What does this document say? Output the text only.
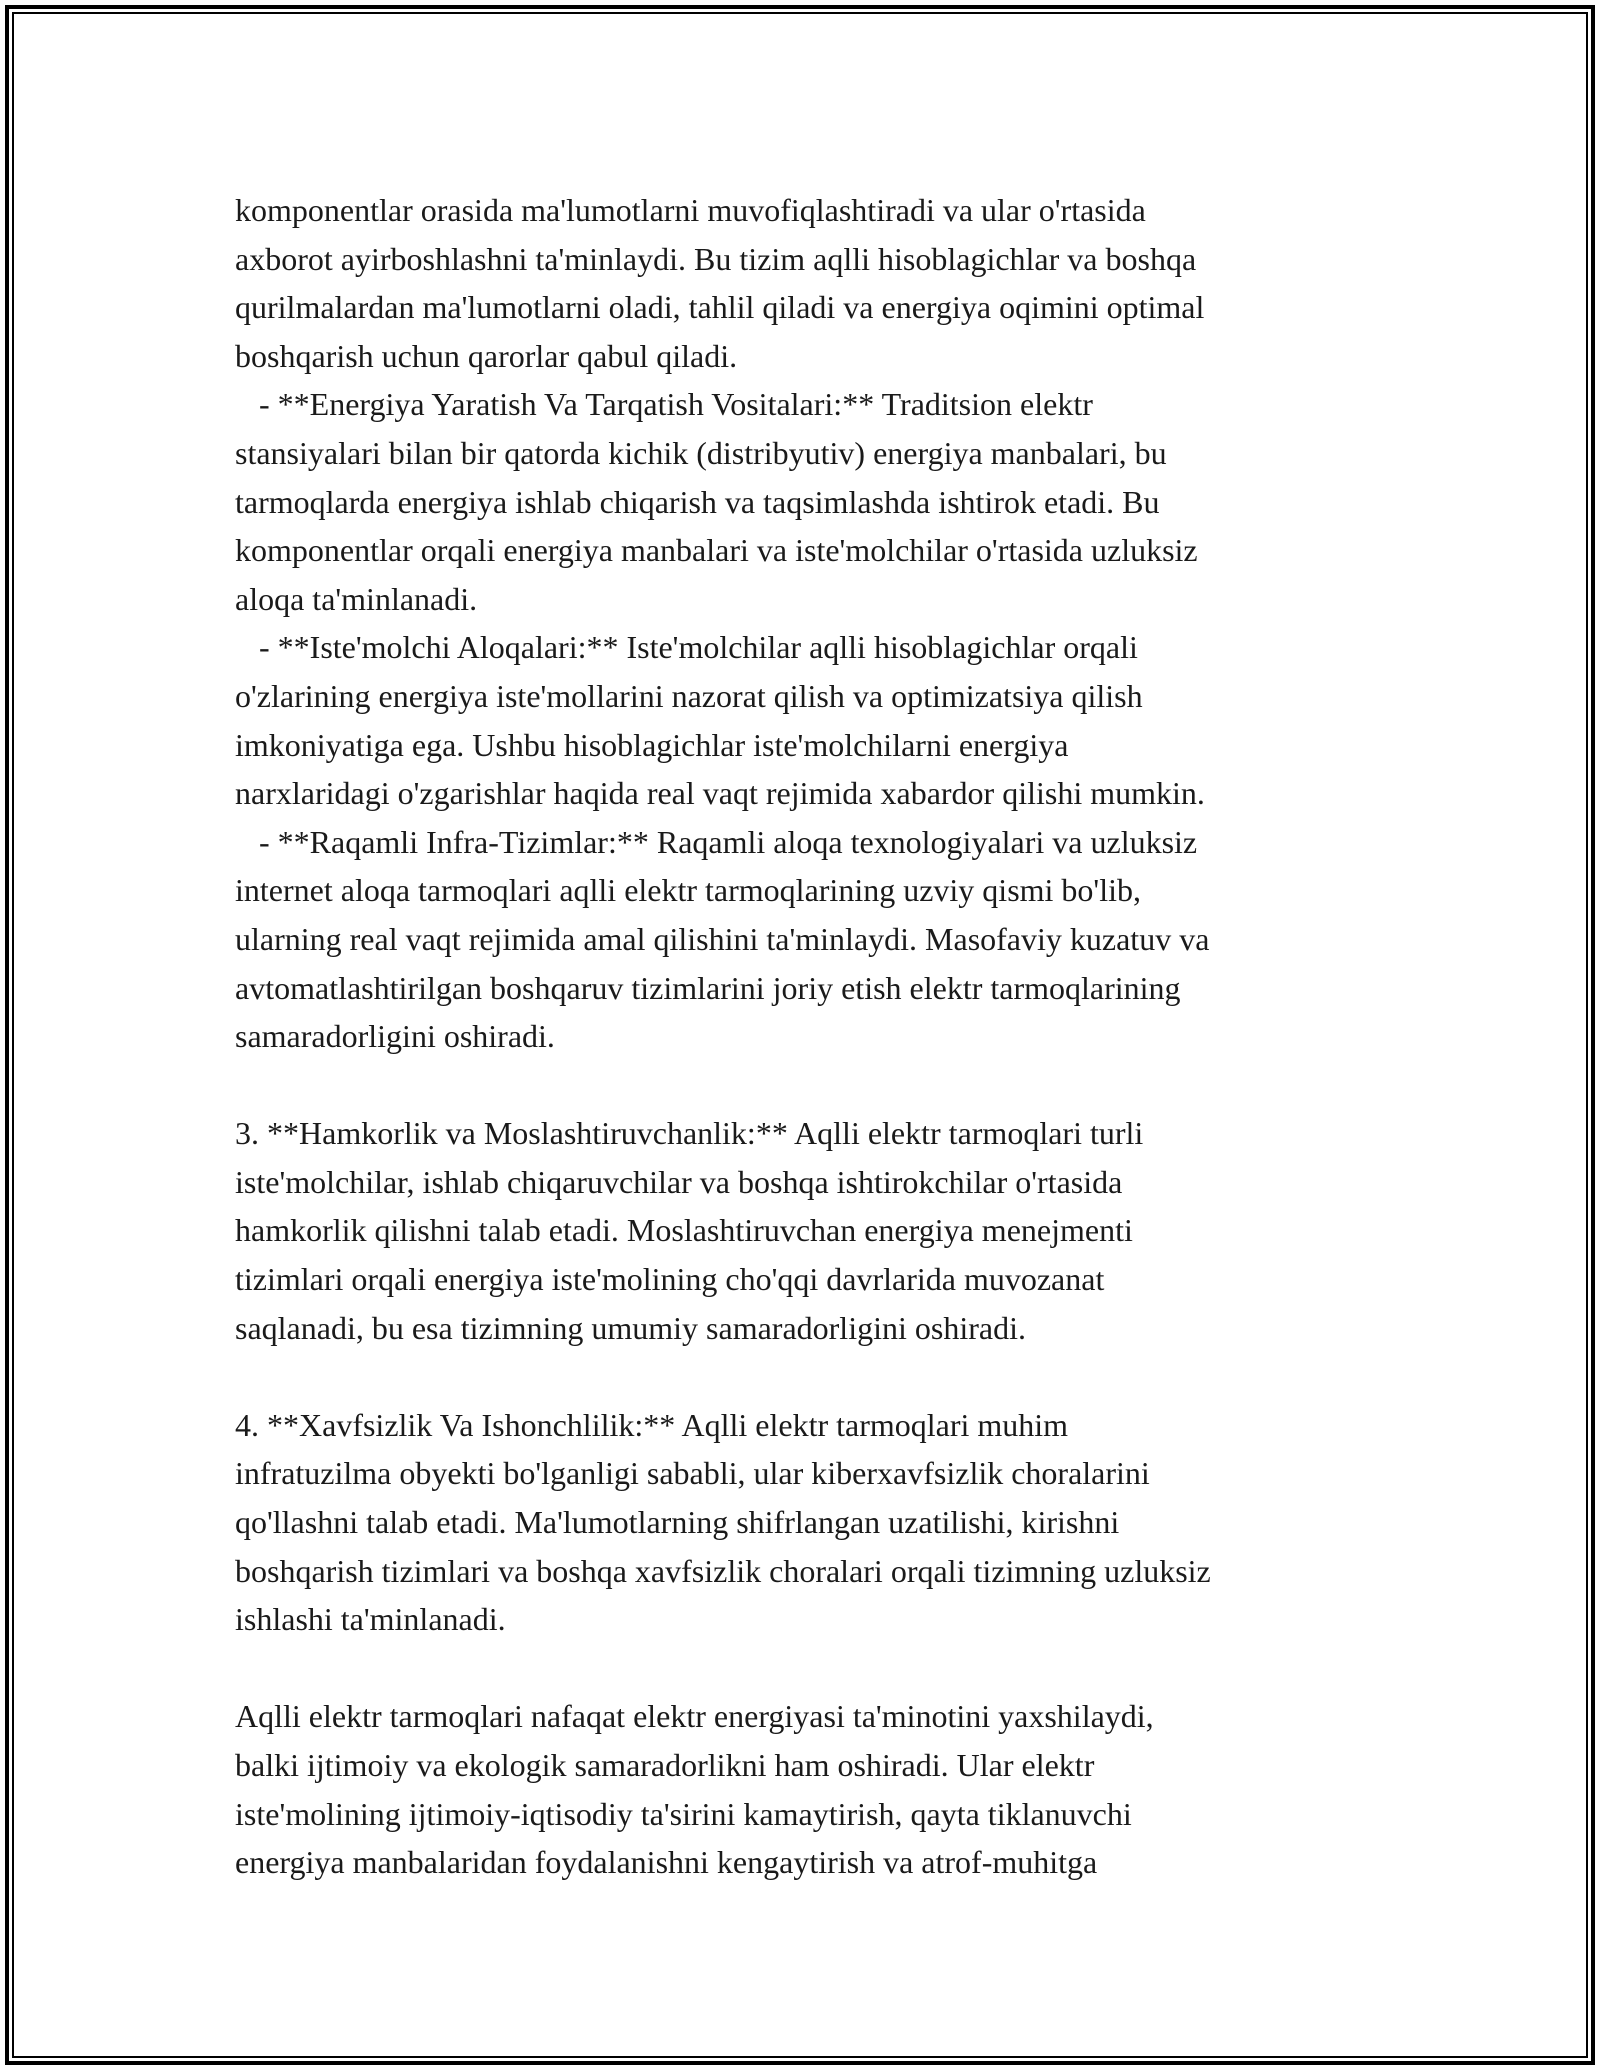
komponentlar orasida ma'lumotlarni muvofiqlashtiradi va ular o'rtasida
axborot ayirboshlashni ta'minlaydi. Bu tizim aqlli hisoblagichlar va boshqa
qurilmalardan ma'lumotlarni oladi, tahlil qiladi va energiya oqimini optimal
boshqarish uchun qarorlar qabul qiladi.
- **Energiya Yaratish Va Tarqatish Vositalari:** Traditsion elektr
stansiyalari bilan bir qatorda kichik (distribyutiv) energiya manbalari, bu
tarmoqlarda energiya ishlab chiqarish va taqsimlashda ishtirok etadi. Bu
komponentlar orqali energiya manbalari va iste'molchilar o'rtasida uzluksiz
aloqa ta'minlanadi.
- **Iste'molchi Aloqalari:** Iste'molchilar aqlli hisoblagichlar orqali
o'zlarining energiya iste'mollarini nazorat qilish va optimizatsiya qilish
imkoniyatiga ega. Ushbu hisoblagichlar iste'molchilarni energiya
narxlaridagi o'zgarishlar haqida real vaqt rejimida xabardor qilishi mumkin.
- **Raqamli Infra-Tizimlar:** Raqamli aloqa texnologiyalari va uzluksiz
internet aloqa tarmoqlari aqlli elektr tarmoqlarining uzviy qismi bo'lib,
ularning real vaqt rejimida amal qilishini ta'minlaydi. Masofaviy kuzatuv va
avtomatlashtirilgan boshqaruv tizimlarini joriy etish elektr tarmoqlarining
samaradorligini oshiradi.
3. **Hamkorlik va Moslashtiruvchanlik:** Aqlli elektr tarmoqlari turli
iste'molchilar, ishlab chiqaruvchilar va boshqa ishtirokchilar o'rtasida
hamkorlik qilishni talab etadi. Moslashtiruvchan energiya menejmenti
tizimlari orqali energiya iste'molining cho'qqi davrlarida muvozanat
saqlanadi, bu esa tizimning umumiy samaradorligini oshiradi.
4. **Xavfsizlik Va Ishonchlilik:** Aqlli elektr tarmoqlari muhim
infratuzilma obyekti bo'lganligi sababli, ular kiberxavfsizlik choralarini
qo'llashni talab etadi. Ma'lumotlarning shifrlangan uzatilishi, kirishni
boshqarish tizimlari va boshqa xavfsizlik choralari orqali tizimning uzluksiz
ishlashi ta'minlanadi.
Aqlli elektr tarmoqlari nafaqat elektr energiyasi ta'minotini yaxshilaydi,
balki ijtimoiy va ekologik samaradorlikni ham oshiradi. Ular elektr
iste'molining ijtimoiy-iqtisodiy ta'sirini kamaytirish, qayta tiklanuvchi
energiya manbalaridan foydalanishni kengaytirish va atrof-muhitga
